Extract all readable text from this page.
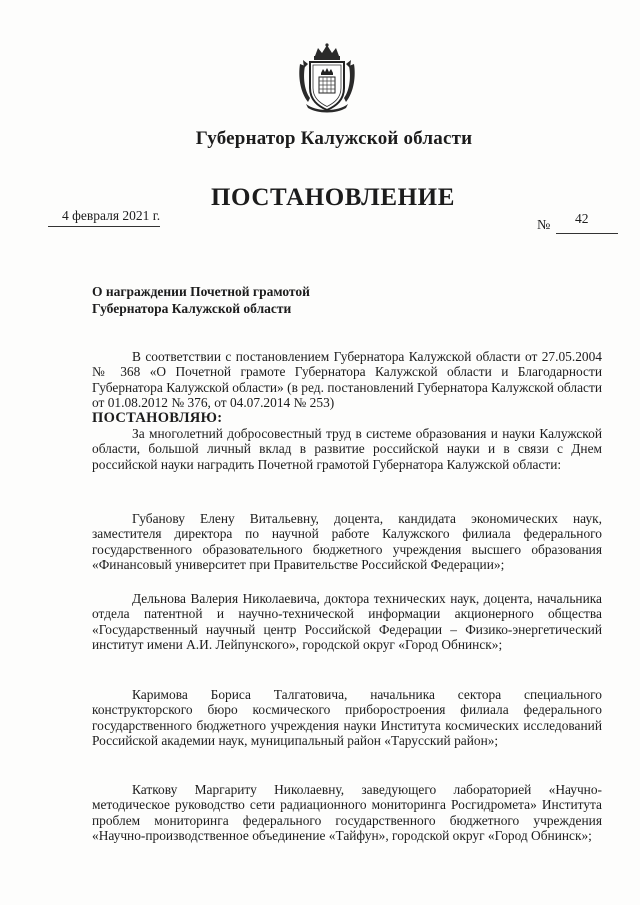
Губернатор Калужской области
ПОСТАНОВЛЕНИЕ
4 февраля 2021 г.
№ 42
О награждении Почетной грамотой
Губернатора Калужской области

В соответствии с постановлением Губернатора Калужской области от 27.05.2004 № 368 «О Почетной грамоте Губернатора Калужской области и Благодарности Губернатора Калужской области» (в ред. постановлений Губернатора Калужской области от 01.08.2012 № 376, от 04.07.2014 № 253)

ПОСТАНОВЛЯЮ:

За многолетний добросовестный труд в системе образования и науки Калужской области, большой личный вклад в развитие российской науки и в связи с Днем российской науки наградить Почетной грамотой Губернатора Калужской области:

Губанову Елену Витальевну, доцента, кандидата экономических наук, заместителя директора по научной работе Калужского филиала федерального государственного образовательного бюджетного учреждения высшего образования «Финансовый университет при Правительстве Российской Федерации»;

Дельнова Валерия Николаевича, доктора технических наук, доцента, начальника отдела патентной и научно-технической информации акционерного общества «Государственный научный центр Российской Федерации – Физико-энергетический институт имени А.И. Лейпунского», городской округ «Город Обнинск»;

Каримова Бориса Талгатовича, начальника сектора специального конструкторского бюро космического приборостроения филиала федерального государственного бюджетного учреждения науки Института космических исследований Российской академии наук, муниципальный район «Тарусский район»;

Каткову Маргариту Николаевну, заведующего лабораторией «Научно-методическое руководство сети радиационного мониторинга Росгидромета» Института проблем мониторинга федерального государственного бюджетного учреждения «Научно-производственное объединение «Тайфун», городской округ «Город Обнинск»;
